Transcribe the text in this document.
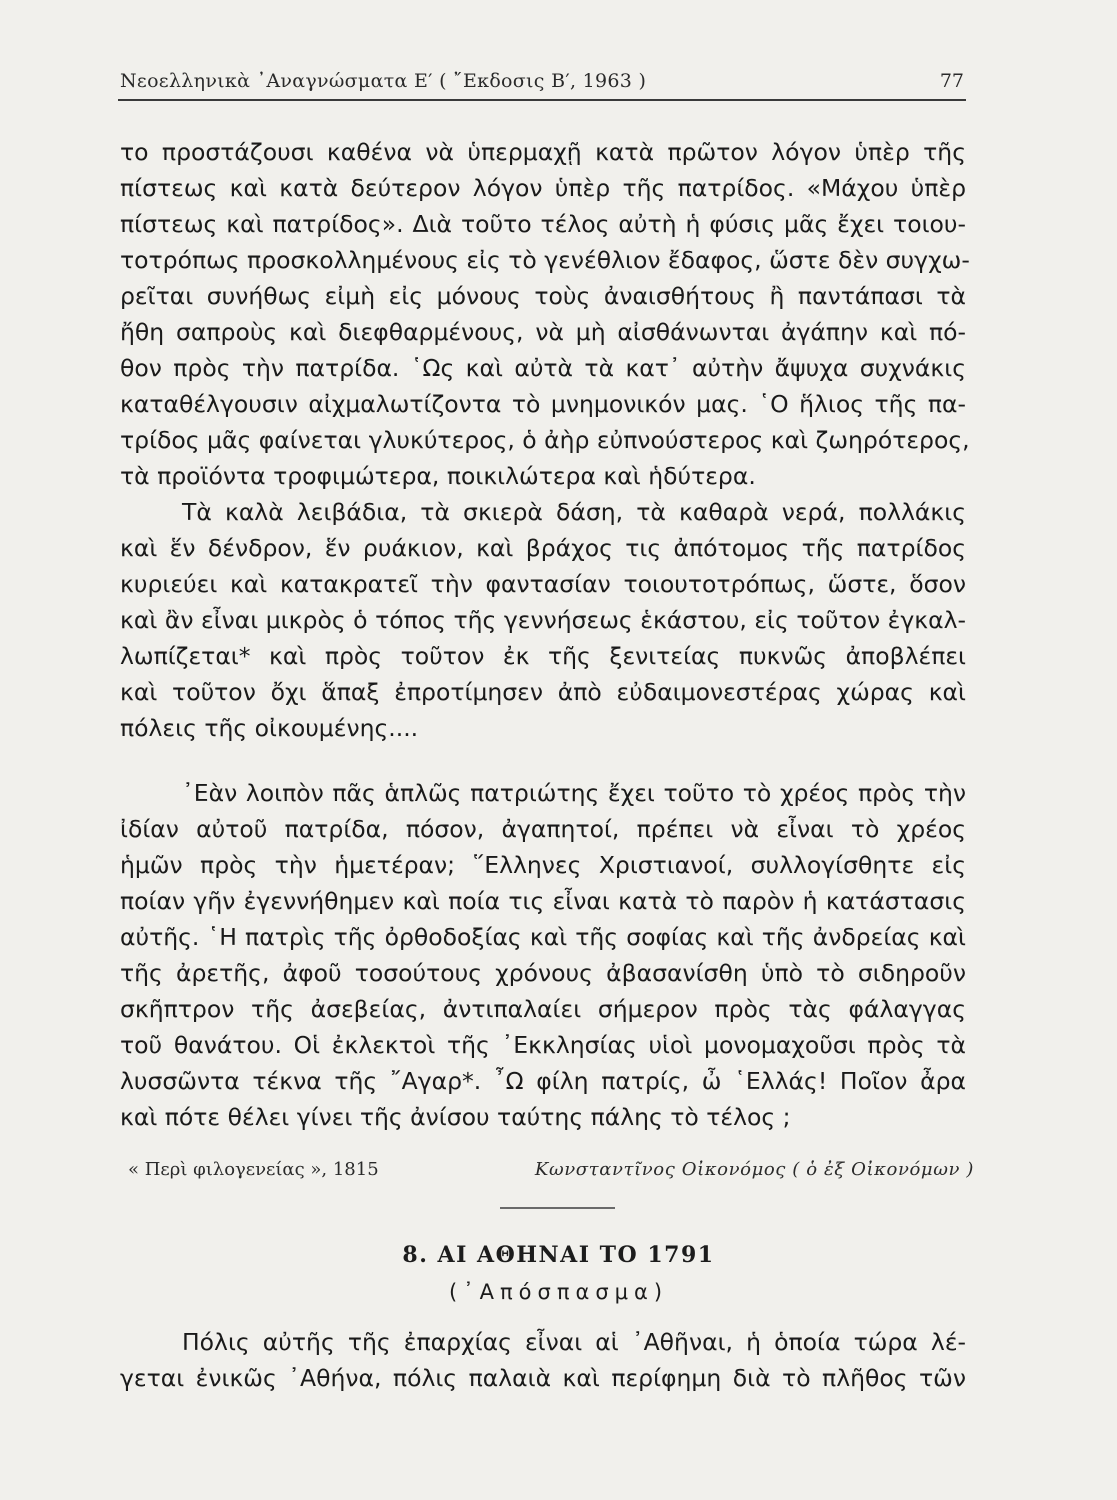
Νεοελληνικὰ ᾿Αναγνώσματα Ε′ ( ῎Εκδοσις Β′, 1963 )	77
το προστάζουσι καθένα νὰ ὑπερμαχῇ κατὰ πρῶτον λόγον ὑπὲρ τῆς
πίστεως καὶ κατὰ δεύτερον λόγον ὑπὲρ τῆς πατρίδος. «Μάχου ὑπὲρ
πίστεως καὶ πατρίδος». Διὰ τοῦτο τέλος αὐτὴ ἡ φύσις μᾶς ἔχει τοιου-
τοτρόπως προσκολλημένους εἰς τὸ γενέθλιον ἔδαφος, ὥστε δὲν συγχω-
ρεῖται συνήθως εἰμὴ εἰς μόνους τοὺς ἀναισθήτους ἢ παντάπασι τὰ
ἤθη σαπροὺς καὶ διεφθαρμένους, νὰ μὴ αἰσθάνωνται ἀγάπην καὶ πό-
θον πρὸς τὴν πατρίδα. ῾Ως καὶ αὐτὰ τὰ κατ᾿ αὐτὴν ἄψυχα συχνάκις
καταθέλγουσιν αἰχμαλωτίζοντα τὸ μνημονικόν μας. ῾Ο ἥλιος τῆς πα-
τρίδος μᾶς φαίνεται γλυκύτερος, ὁ ἀὴρ εὐπνούστερος καὶ ζωηρότερος,
τὰ προϊόντα τροφιμώτερα, ποικιλώτερα καὶ ἡδύτερα.
Τὰ καλὰ λειβάδια, τὰ σκιερὰ δάση, τὰ καθαρὰ νερά, πολλάκις
καὶ ἕν δένδρον, ἕν ρυάκιον, καὶ βράχος τις ἀπότομος τῆς πατρίδος
κυριεύει καὶ κατακρατεῖ τὴν φαντασίαν τοιουτοτρόπως, ὥστε, ὅσον
καὶ ἂν εἶναι μικρὸς ὁ τόπος τῆς γεννήσεως ἑκάστου, εἰς τοῦτον ἐγκαλ-
λωπίζεται* καὶ πρὸς τοῦτον ἐκ τῆς ξενιτείας πυκνῶς ἀποβλέπει
καὶ τοῦτον ὄχι ἅπαξ ἐπροτίμησεν ἀπὸ εὐδαιμονεστέρας χώρας καὶ
πόλεις τῆς οἰκουμένης....
᾿Εὰν λοιπὸν πᾶς ἁπλῶς πατριώτης ἔχει τοῦτο τὸ χρέος πρὸς τὴν
ἰδίαν αὐτοῦ πατρίδα, πόσον, ἀγαπητοί, πρέπει νὰ εἶναι τὸ χρέος
ἡμῶν πρὸς τὴν ἡμετέραν; ῞Ελληνες Χριστιανοί, συλλογίσθητε εἰς
ποίαν γῆν ἐγεννήθημεν καὶ ποία τις εἶναι κατὰ τὸ παρὸν ἡ κατάστασις
αὐτῆς. ῾Η πατρὶς τῆς ὀρθοδοξίας καὶ τῆς σοφίας καὶ τῆς ἀνδρείας καὶ
τῆς ἀρετῆς, ἀφοῦ τοσούτους χρόνους ἀβασανίσθη ὑπὸ τὸ σιδηροῦν
σκῆπτρον τῆς ἀσεβείας, ἀντιπαλαίει σήμερον πρὸς τὰς φάλαγγας
τοῦ θανάτου. Οἱ ἐκλεκτοὶ τῆς ᾿Εκκλησίας υἱοὶ μονομαχοῦσι πρὸς τὰ
λυσσῶντα τέκνα τῆς ῎Αγαρ*. ῏Ω φίλη πατρίς, ὦ ῾Ελλάς! Ποῖον ἆρα
καὶ πότε θέλει γίνει τῆς ἀνίσου ταύτης πάλης τὸ τέλος ;
« Περὶ φιλογενείας », 1815	Κωνσταντῖνος Οἰκονόμος ( ὁ ἐξ Οἰκονόμων )
8. ΑΙ ΑΘΗΝΑΙ ΤΟ 1791
(᾿Απόσπασμα)
Πόλις αὐτῆς τῆς ἐπαρχίας εἶναι αἱ ᾿Αθῆναι, ἡ ὁποία τώρα λέ-
γεται ἐνικῶς ᾿Αθήνα, πόλις παλαιὰ καὶ περίφημη διὰ τὸ πλῆθος τῶν
